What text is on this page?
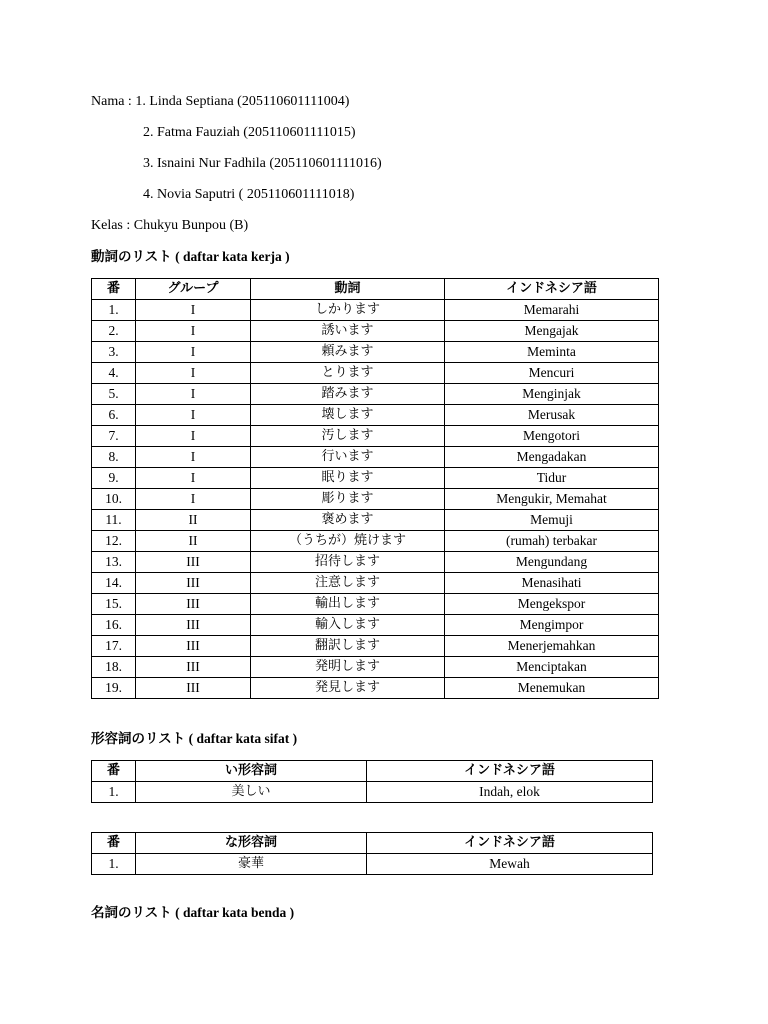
Nama : 1. Linda Septiana (205110601111004)
2. Fatma Fauziah (205110601111015)
3. Isnaini Nur Fadhila (205110601111016)
4. Novia Saputri ( 205110601111018)
Kelas : Chukyu Bunpou (B)
動詞のリスト ( daftar kata kerja )
番	グループ	動詞	インドネシア語
1.	I	しかります	Memarahi
2.	I	誘います	Mengajak
3.	I	頼みます	Meminta
4.	I	とります	Mencuri
5.	I	踏みます	Menginjak
6.	I	壊します	Merusak
7.	I	汚します	Mengotori
8.	I	行います	Mengadakan
9.	I	眠ります	Tidur
10.	I	彫ります	Mengukir, Memahat
11.	II	褒めます	Memuji
12.	II	（うちが）焼けます	(rumah) terbakar
13.	III	招待します	Mengundang
14.	III	注意します	Menasihati
15.	III	輸出します	Mengekspor
16.	III	輸入します	Mengimpor
17.	III	翻訳します	Menerjemahkan
18.	III	発明します	Menciptakan
19.	III	発見します	Menemukan
形容詞のリスト ( daftar kata sifat )
番	い形容詞	インドネシア語
1.	美しい	Indah, elok
番	な形容詞	インドネシア語
1.	豪華	Mewah
名詞のリスト ( daftar kata benda )
